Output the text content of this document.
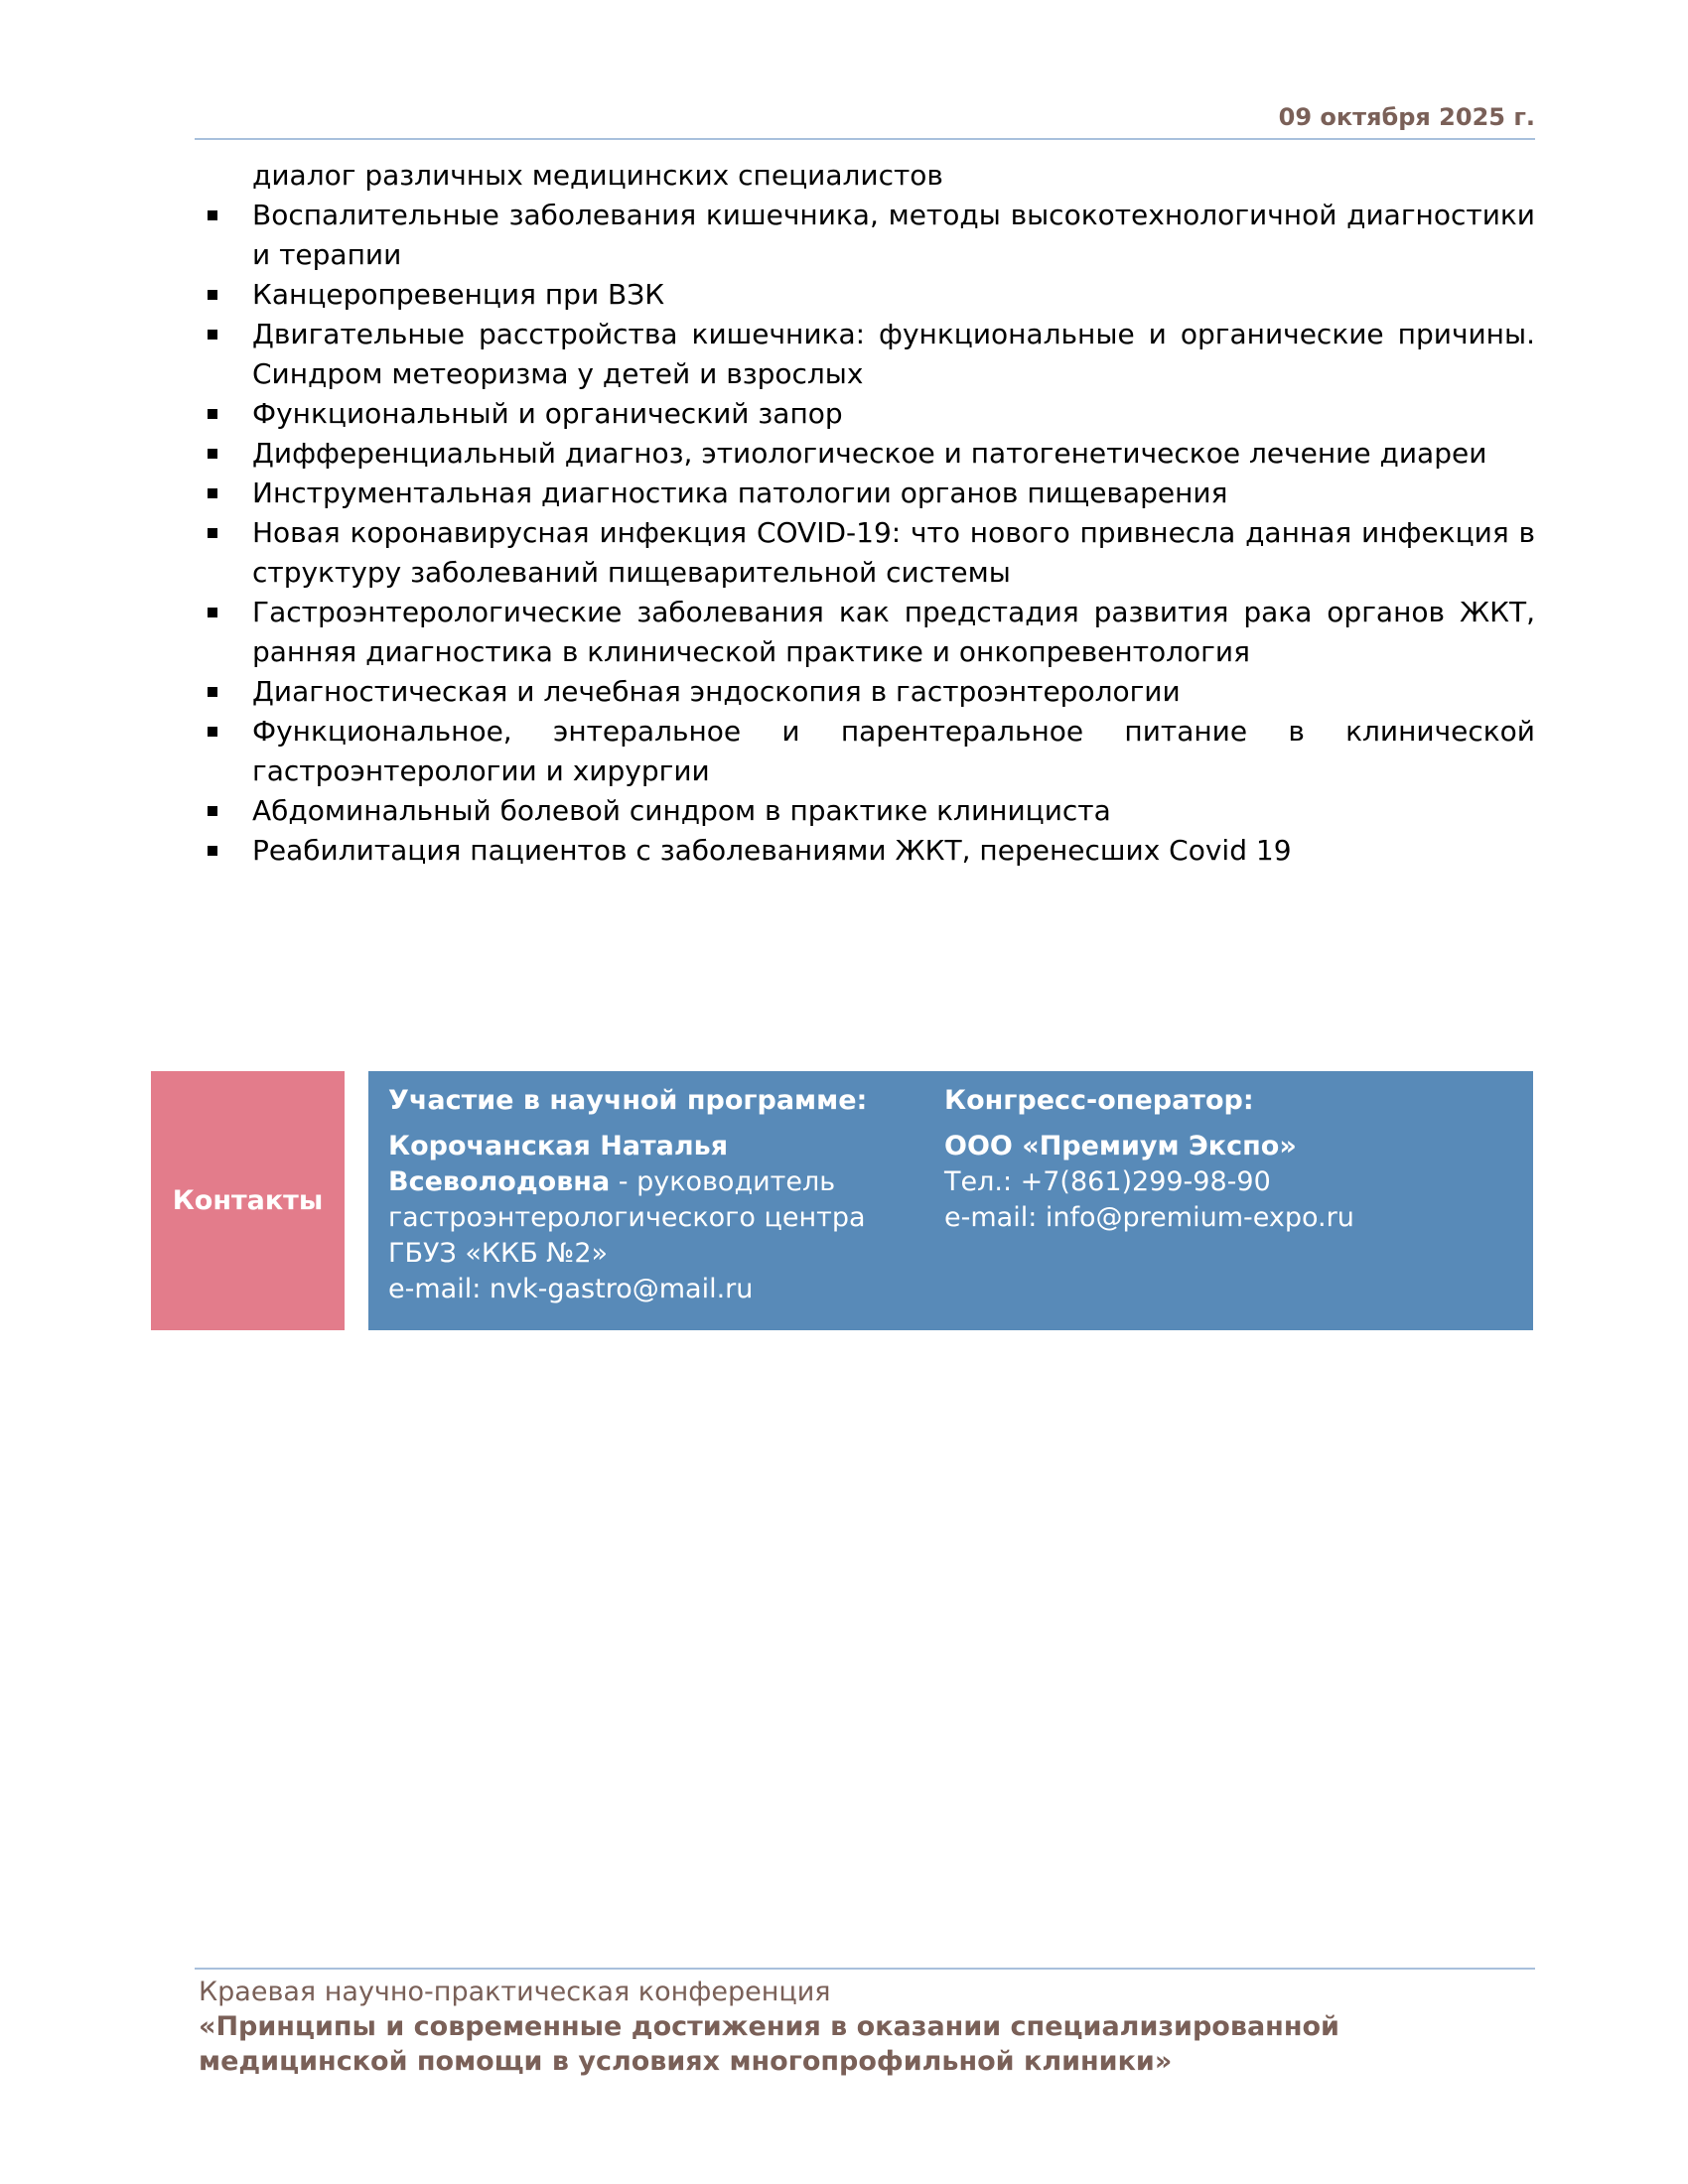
09 октября 2025 г.

диалог различных медицинских специалистов

Воспалительные заболевания кишечника, методы высокотехнологичной диагностики и терапии
Канцеропревенция при ВЗК
Двигательные расстройства кишечника: функциональные и органические причины. Синдром метеоризма у детей и взрослых
Функциональный и органический запор
Дифференциальный диагноз, этиологическое и патогенетическое лечение диареи
Инструментальная диагностика патологии органов пищеварения
Новая коронавирусная инфекция COVID-19: что нового привнесла данная инфекция в структуру заболеваний пищеварительной системы
Гастроэнтерологические заболевания как предстадия развития рака органов ЖКТ, ранняя диагностика в клинической практике и онкопревентология
Диагностическая и лечебная эндоскопия в гастроэнтерологии
Функциональное, энтеральное и парентеральное питание в клинической гастроэнтерологии и хирургии
Абдоминальный болевой синдром в практике клинициста
Реабилитация пациентов с заболеваниями ЖКТ, перенесших Covid 19
Контакты
Участие в научной программе:
Корочанская Наталья
Всеволодовна - руководитель
гастроэнтерологического центра
ГБУЗ «ККБ №2»
e-mail: nvk-gastro@mail.ru
Конгресс-оператор:
ООО «Премиум Экспо»
Тел.: +7(861)299-98-90
e-mail: info@premium-expo.ru
Краевая научно-практическая конференция
«Принципы и современные достижения в оказании специализированной медицинской помощи в условиях многопрофильной клиники»
